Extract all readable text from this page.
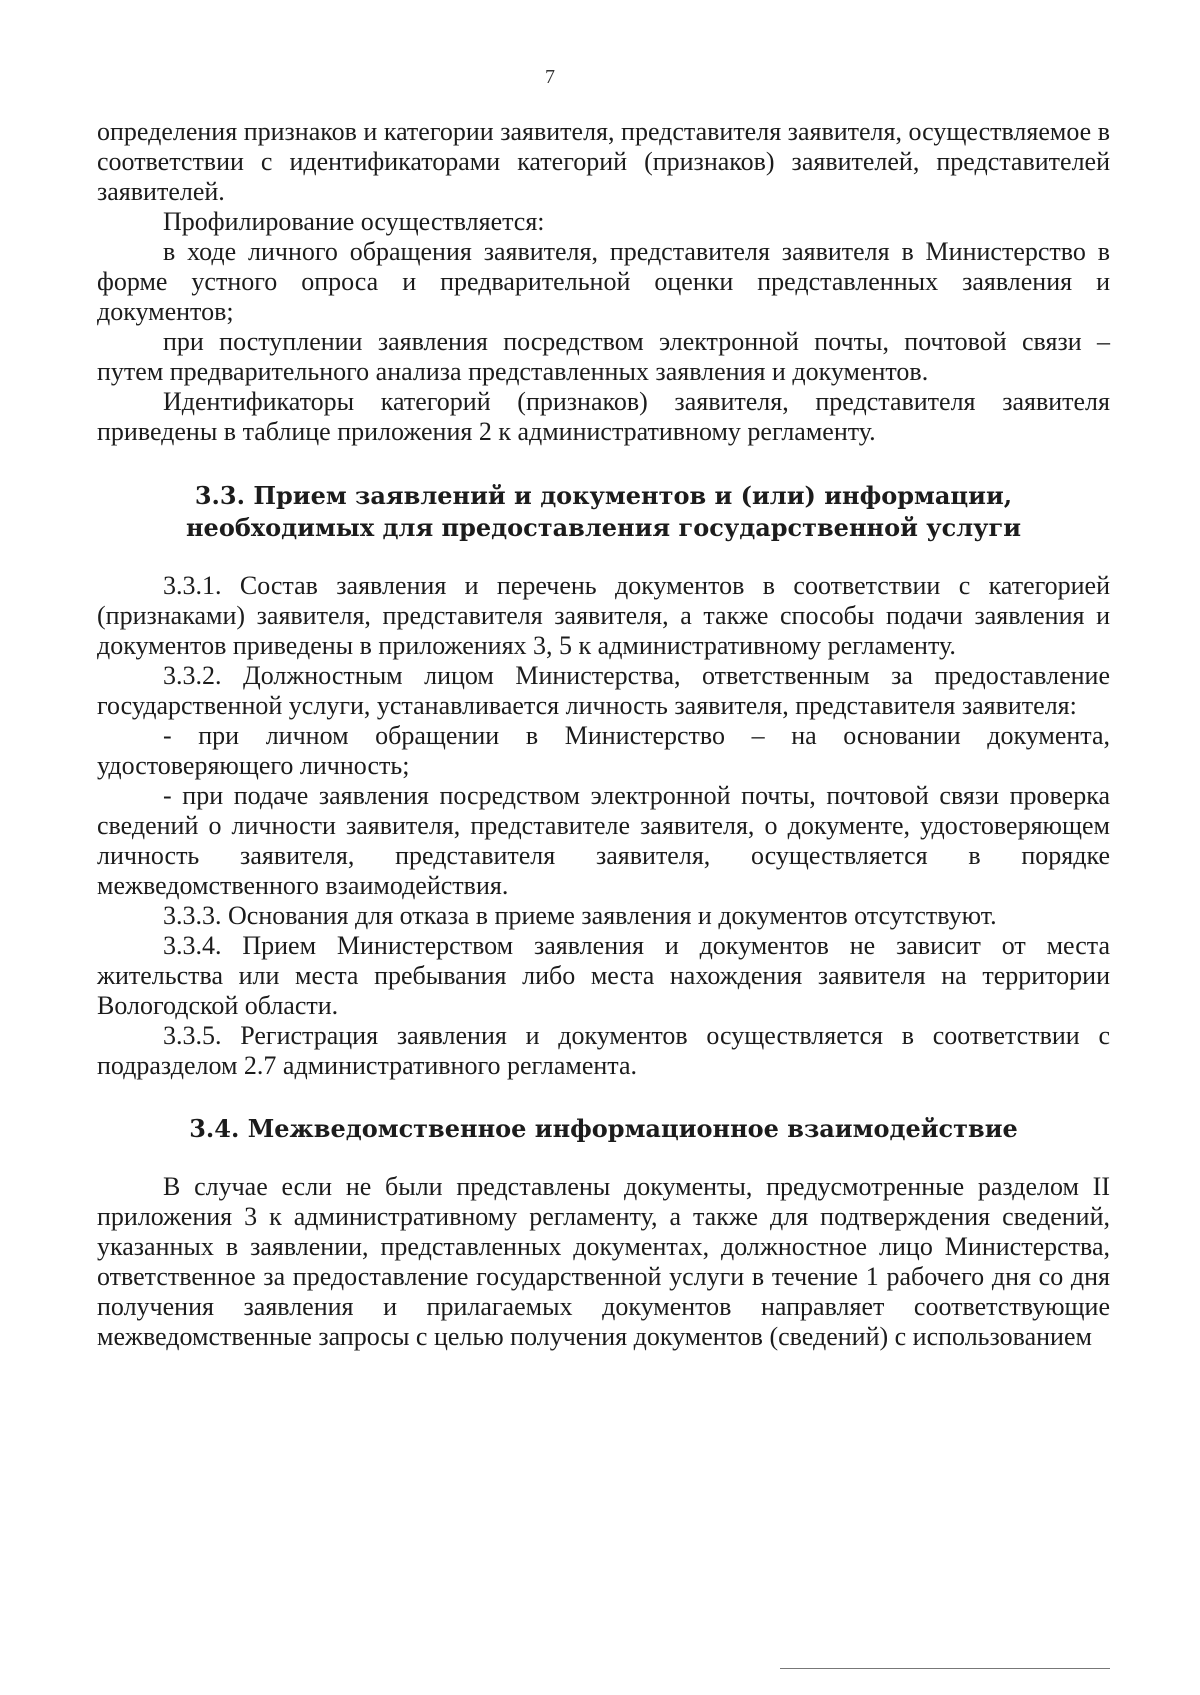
7

определения признаков и категории заявителя, представителя заявителя, осуществляемое в соответствии с идентификаторами категорий (признаков) заявителей, представителей заявителей.

Профилирование осуществляется:

в ходе личного обращения заявителя, представителя заявителя в Министерство в форме устного опроса и предварительной оценки представленных заявления и документов;

при поступлении заявления посредством электронной почты, почтовой связи – путем предварительного анализа представленных заявления и документов.

Идентификаторы категорий (признаков) заявителя, представителя заявителя приведены в таблице приложения 2 к административному регламенту.

3.3. Прием заявлений и документов и (или) информации,
необходимых для предоставления государственной услуги

3.3.1. Состав заявления и перечень документов в соответствии с категорией (признаками) заявителя, представителя заявителя, а также способы подачи заявления и документов приведены в приложениях 3, 5 к административному регламенту.

3.3.2. Должностным лицом Министерства, ответственным за предоставление государственной услуги, устанавливается личность заявителя, представителя заявителя:

- при личном обращении в Министерство – на основании документа, удостоверяющего личность;

- при подаче заявления посредством электронной почты, почтовой связи проверка сведений о личности заявителя, представителе заявителя, о документе, удостоверяющем личность заявителя, представителя заявителя, осуществляется в порядке межведомственного взаимодействия.

3.3.3. Основания для отказа в приеме заявления и документов отсутствуют.

3.3.4. Прием Министерством заявления и документов не зависит от места жительства или места пребывания либо места нахождения заявителя на территории Вологодской области.

3.3.5. Регистрация заявления и документов осуществляется в соответствии с подразделом 2.7 административного регламента.

3.4. Межведомственное информационное взаимодействие

В случае если не были представлены документы, предусмотренные разделом II приложения 3 к административному регламенту, а также для подтверждения сведений, указанных в заявлении, представленных документах, должностное лицо Министерства, ответственное за предоставление государственной услуги в течение 1 рабочего дня со дня получения заявления и прилагаемых документов направляет соответствующие межведомственные запросы с целью получения документов (сведений) с использованием
